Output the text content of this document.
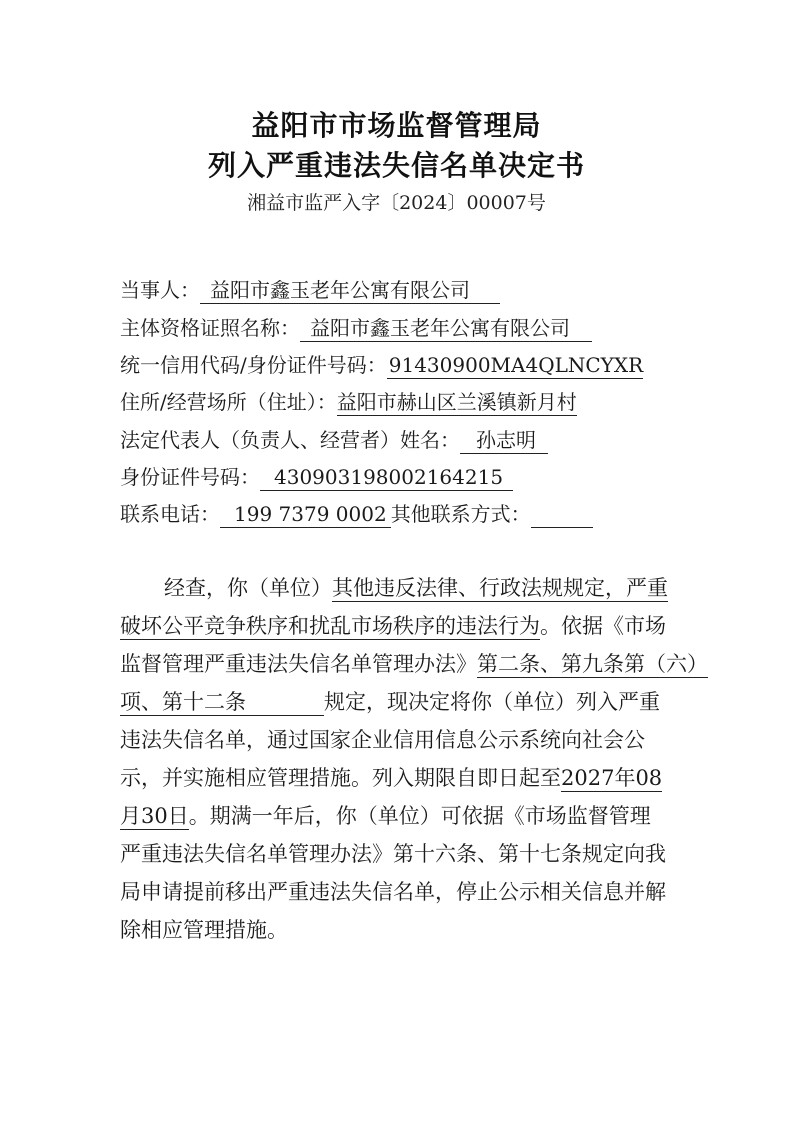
益阳市市场监督管理局
列入严重违法失信名单决定书
湘益市监严入字〔2024〕00007号
当事人： 益阳市鑫玉老年公寓有限公司
主体资格证照名称： 益阳市鑫玉老年公寓有限公司
统一信用代码/身份证件号码： 91430900MA4QLNCYXR
住所/经营场所（住址）：益阳市赫山区兰溪镇新月村
法定代表人（负责人、经营者）姓名： 孙志明
身份证件号码： 430903198002164215
联系电话： 199 7379 0002 其他联系方式：
经查，你（单位）其他违反法律、行政法规规定，严重
破坏公平竞争秩序和扰乱市场秩序的违法行为。依据《市场
监督管理严重违法失信名单管理办法》第二条、第九条第（六）
项、第十二条	规定，现决定将你（单位）列入严重
违法失信名单，通过国家企业信用信息公示系统向社会公
示，并实施相应管理措施。列入期限自即日起至2027年08
月30日。期满一年后，你（单位）可依据《市场监督管理
严重违法失信名单管理办法》第十六条、第十七条规定向我
局申请提前移出严重违法失信名单，停止公示相关信息并解
除相应管理措施。
